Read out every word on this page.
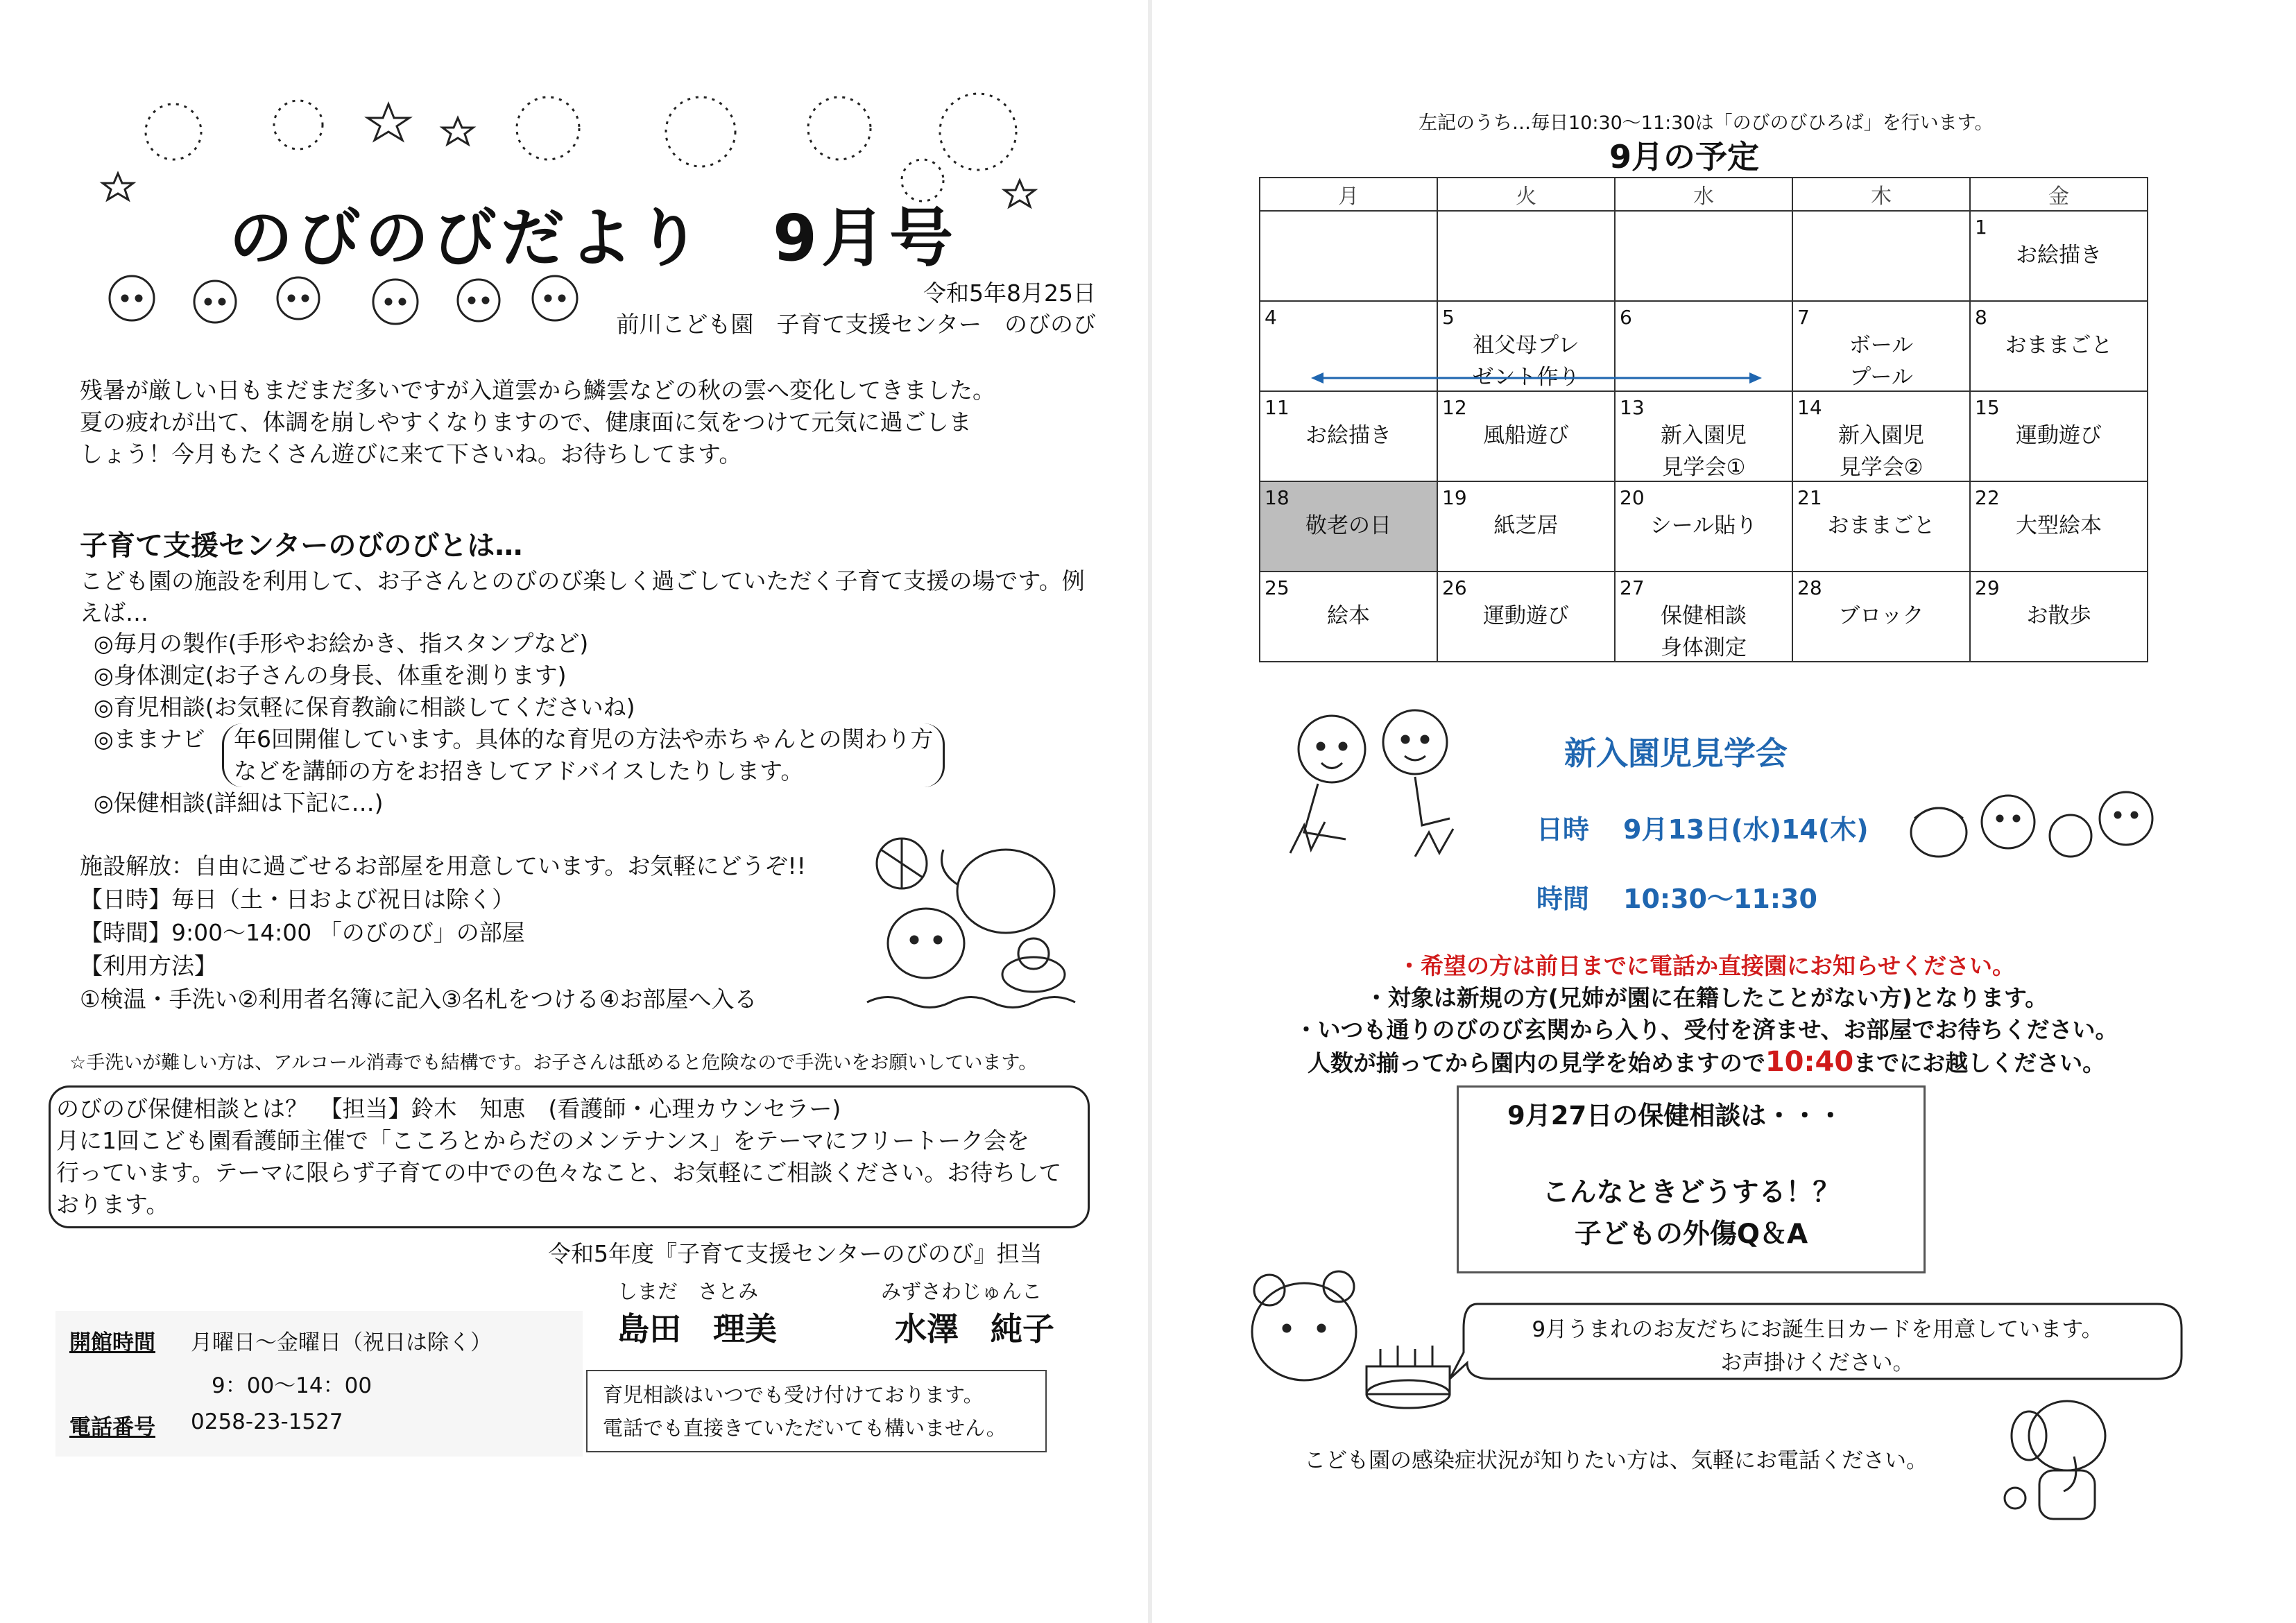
のびのびだより　9月号
令和5年8月25日
前川こども園　子育て支援センター　のびのび
残暑が厳しい日もまだまだ多いですが入道雲から鱗雲などの秋の雲へ変化してきました。
夏の疲れが出て、体調を崩しやすくなりますので、健康面に気をつけて元気に過ごしま
しょう！今月もたくさん遊びに来て下さいね。お待ちしてます。
子育て支援センターのびのびとは…
こども園の施設を利用して、お子さんとのびのび楽しく過ごしていただく子育て支援の場です。例
えば…
◎毎月の製作(手形やお絵かき、指スタンプなど)
◎身体測定(お子さんの身長、体重を測ります)
◎育児相談(お気軽に保育教諭に相談してくださいね)
◎ままナビ
◎保健相談(詳細は下記に…)
年6回開催しています。具体的な育児の方法や赤ちゃんとの関わり方
などを講師の方をお招きしてアドバイスしたりします。
施設解放：自由に過ごせるお部屋を用意しています。お気軽にどうぞ!!
【日時】毎日（土・日および祝日は除く）
【時間】9:00～14:00 「のびのび」の部屋
【利用方法】
①検温・手洗い②利用者名簿に記入③名札をつける④お部屋へ入る
☆手洗いが難しい方は、アルコール消毒でも結構です。お子さんは舐めると危険なので手洗いをお願いしています。
のびのび保健相談とは？　【担当】鈴木　知恵　(看護師・心理カウンセラー)
月に1回こども園看護師主催で「こころとからだのメンテナンス」をテーマにフリートーク会を
行っています。テーマに限らず子育ての中での色々なこと、お気軽にご相談ください。お待ちして
おります。
令和5年度『子育て支援センターのびのび』担当
しまだ　さとみ
島田　理美
みずさわじゅんこ
水澤　純子
開館時間 月曜日～金曜日（祝日は除く）
9：00～14：00
電話番号 0258-23-1527
育児相談はいつでも受け付けております。
電話でも直接きていただいても構いません。
左記のうち…毎日10:30～11:30は「のびのびひろば」を行います。
9月の予定
月	火	水	木	金

				1
お絵描き

4	5
祖父母プレ
ゼント作り	6	7
ボール
プール	8
おままごと

11
お絵描き	12
風船遊び	13
新入園児
見学会①	14
新入園児
見学会②	15
運動遊び

18
敬老の日	19
紙芝居	20
シール貼り	21
おままごと	22
大型絵本

25
絵本	26
運動遊び	27
保健相談
身体測定	28
ブロック	29
お散歩
新入園児見学会
日時 9月13日(水)14(木)
時間 10:30～11:30
・希望の方は前日までに電話か直接園にお知らせください。
・対象は新規の方(兄姉が園に在籍したことがない方)となります。
・いつも通りのびのび玄関から入り、受付を済ませ、お部屋でお待ちください。
人数が揃ってから園内の見学を始めますので10:40までにお越しください。
9月27日の保健相談は・・・
こんなときどうする！？
子どもの外傷Q＆A
9月うまれのお友だちにお誕生日カードを用意しています。
お声掛けください。
こども園の感染症状況が知りたい方は、気軽にお電話ください。
